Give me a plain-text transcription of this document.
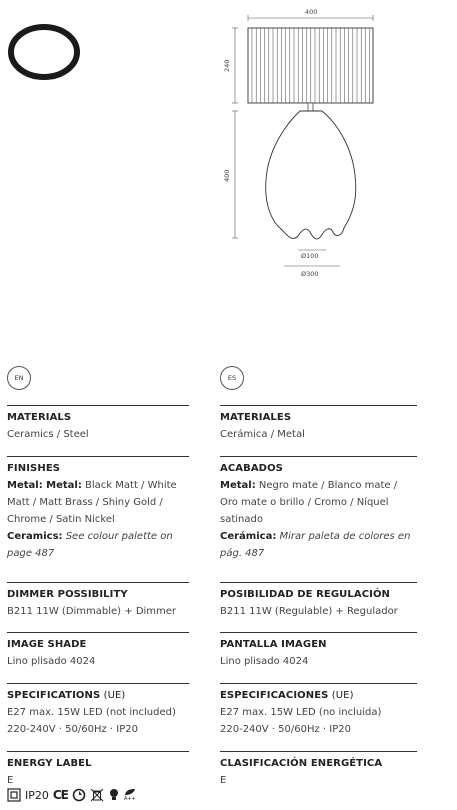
400
240
400
Ø100
Ø300
EN
MATERIALS
Ceramics / Steel
FINISHES
Metal: Metal: Black Matt / White Matt / Matt Brass / Shiny Gold / Chrome / Satin Nickel
Ceramics: See colour palette on page 487
DIMMER POSSIBILITY
B211 11W (Dimmable) + Dimmer
IMAGE SHADE
Lino plisado 4024
SPECIFICATIONS (UE)
E27 max. 15W LED (not included)
220-240V · 50/60Hz · IP20
ENERGY LABEL
E
ES
MATERIALES
Cerámica / Metal
ACABADOS
Metal: Negro mate / Blanco mate / Oro mate o brillo / Cromo / Níquel satinado
Cerámica: Mirar paleta de colores en pág. 487
POSIBILIDAD DE REGULACIÓN
B211 11W (Regulable) + Regulador
PANTALLA IMAGEN
Lino plisado 4024
ESPECIFICACIONES (UE)
E27 max. 15W LED (no incluida)
220-240V · 50/60Hz · IP20
CLASIFICACIÓN ENERGÉTICA
E
IP20 CE	A++
